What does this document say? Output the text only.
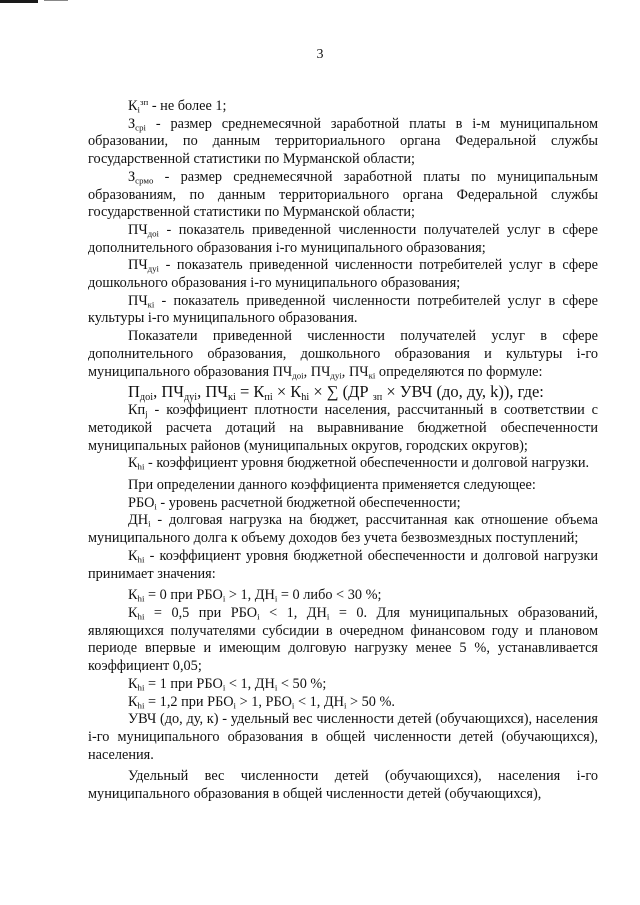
3

$К_i^{зп}$ - не более 1;

$З_{срi}$ - размер среднемесячной заработной платы в i-м муниципальном образовании, по данным территориального органа Федеральной службы государственной статистики по Мурманской области;

$З_{срмо}$ - размер среднемесячной заработной платы по муниципальным образованиям, по данным территориального органа Федеральной службы государственной статистики по Мурманской области;

$ПЧ_{доi}$ - показатель приведенной численности получателей услуг в сфере дополнительного образования i-го муниципального образования;

$ПЧ_{дуi}$ - показатель приведенной численности потребителей услуг в сфере дошкольного образования i-го муниципального образования;

$ПЧ_{кi}$ - показатель приведенной численности потребителей услуг в сфере культуры i-го муниципального образования.

Показатели приведенной численности получателей услуг в сфере дополнительного образования, дошкольного образования и культуры i-го муниципального образования $ПЧ_{доi}$, $ПЧ_{дуi}$, $ПЧ_{кi}$ определяются по формуле:

$П_{доi}$, $ПЧ_{дуi}$, $ПЧ_{кi} = К_{пi} \times К_{hi}$ × ∑ (ДР $_{зп}$ × УВЧ (до, ду, k)), где:

$Кп_j$ - коэффициент плотности населения, рассчитанный в соответствии с методикой расчета дотаций на выравнивание бюджетной обеспеченности муниципальных районов (муниципальных округов, городских округов);

$К_{hi}$ - коэффициент уровня бюджетной обеспеченности и долговой нагрузки.

При определении данного коэффициента применяется следующее:

$РБО_i$ - уровень расчетной бюджетной обеспеченности;

$ДН_i$ - долговая нагрузка на бюджет, рассчитанная как отношение объема муниципального долга к объему доходов без учета безвозмездных поступлений;

$К_{hi}$ - коэффициент уровня бюджетной обеспеченности и долговой нагрузки принимает значения:

$К_{hi} = 0$ при $РБО_i > 1$, $ДН_i = 0$ либо < 30 %;

$К_{hi} = 0,5$ при $РБО_i < 1$, $ДН_i = 0$. Для муниципальных образований, являющихся получателями субсидии в очередном финансовом году и плановом периоде впервые и имеющим долговую нагрузку менее 5 %, устанавливается коэффициент 0,05;

$К_{hi} = 1$ при $РБО_i < 1$, $ДН_i < 50$ %;

$К_{hi} = 1,2$ при $РБО_i > 1$, $РБО_i < 1$, $ДН_i > 50$ %.

УВЧ (до, ду, к) - удельный вес численности детей (обучающихся), населения i-го муниципального образования в общей численности детей (обучающихся), населения.

Удельный вес численности детей (обучающихся), населения i-го муниципального образования в общей численности детей (обучающихся),
